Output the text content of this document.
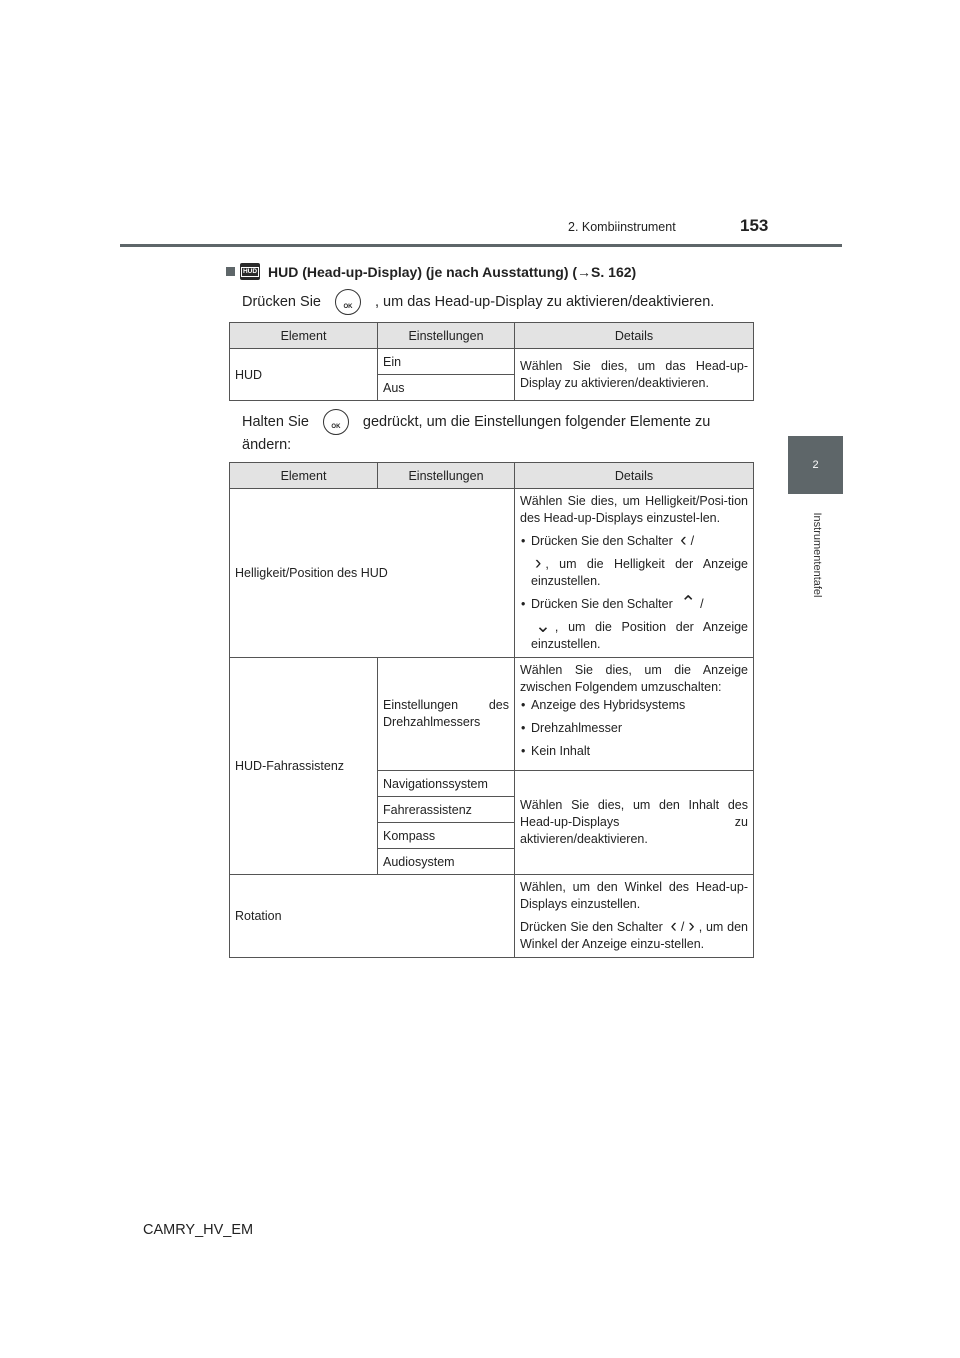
2. Kombiinstrument	153
2
Instrumententafel
HUD HUD (Head-up-Display) (je nach Ausstattung) (→S. 162)
Drücken Sie OK	, um das Head-up-Display zu aktivieren/deaktivieren.
Element	Einstellungen	Details
HUD	Ein	Wählen Sie dies, um das Head-up-Display zu aktivieren/deaktivieren.
	Aus	
Halten Sie OK	gedrückt, um die Einstellungen folgender Elemente zu
ändern:
Element	Einstellungen	Details
Helligkeit/Position des HUD		Wählen Sie dies, um Helligkeit/Posi-tion des Head-up-Displays einzustel-len.

• Drücken Sie den Schalter ‹ /

› , um die Helligkeit der Anzeige einzustellen.

• Drücken Sie den Schalter ⌃ /

⌄ , um die Position der Anzeige einzustellen.

HUD-Fahrassistenz	Einstellungen des Drehzahlmessers	Wählen Sie dies, um die Anzeige zwischen Folgendem umzuschalten:

• Anzeige des Hybridsystems

• Drehzahlmesser

• Kein Inhalt

	Navigationssystem	Wählen Sie dies, um den Inhalt des Head-up-Displays zu aktivieren/deaktivieren.
	Fahrerassistenz	
	Kompass	
	Audiosystem	
Rotation		Wählen, um den Winkel des Head-up-Displays einzustellen.

Drücken Sie den Schalter ‹ / › , um den Winkel der Anzeige einzu-stellen.

CAMRY_HV_EM
